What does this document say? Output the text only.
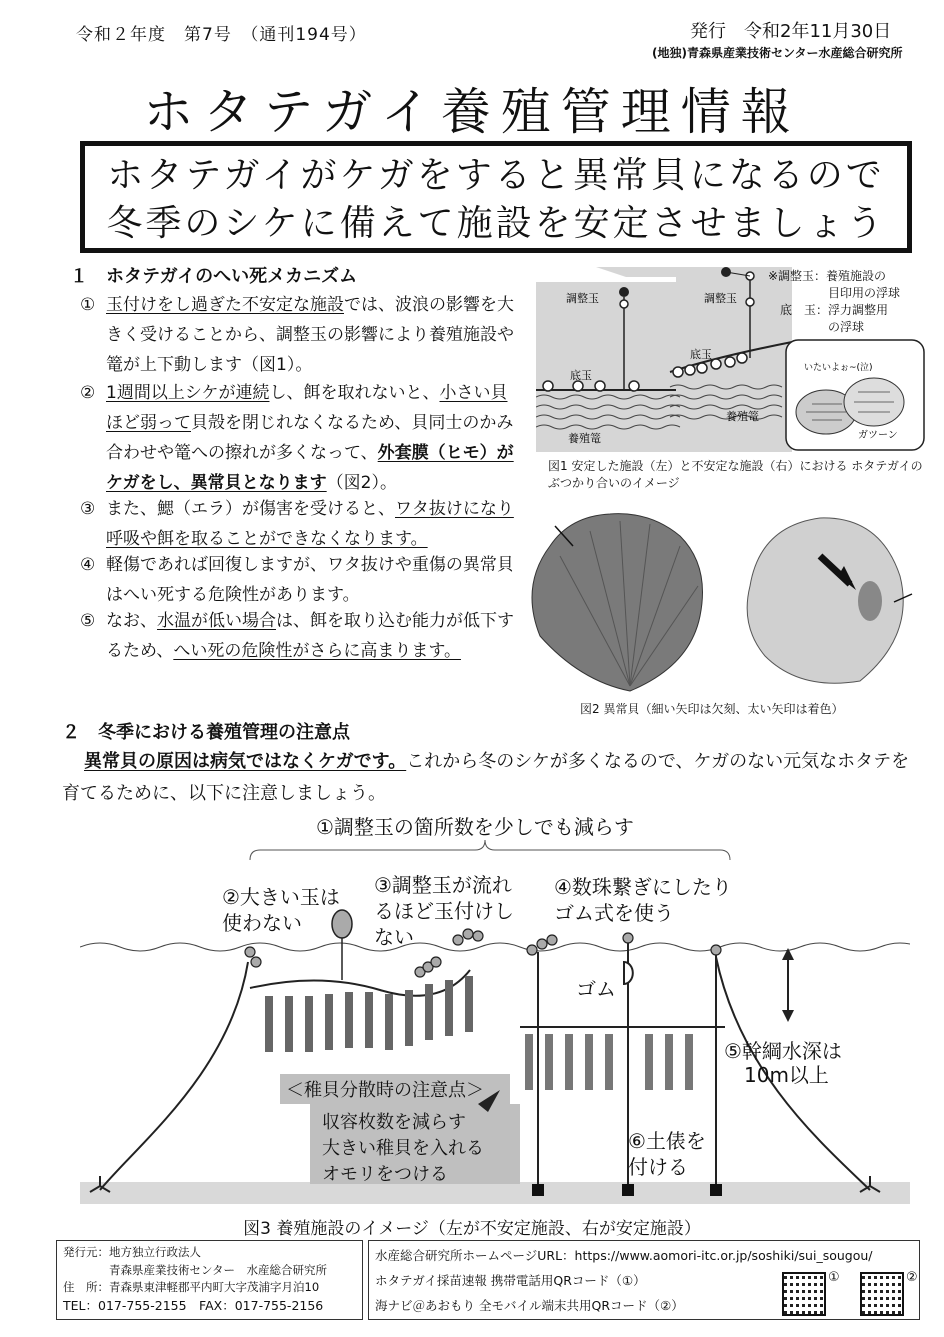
令和２年度　第7号　（通刊194号）	発行　令和2年11月30日
(地独)青森県産業技術センター水産総合研究所
ホタテガイ養殖管理情報
ホタテガイがケガをすると異常貝になるので
冬季のシケに備えて施設を安定させましょう
１　ホタテガイのへい死メカニズム
① 玉付けをし過ぎた不安定な施設では、波浪の影響を大きく受けることから、調整玉の影響により養殖施設や篭が上下動します（図1）。
② 1週間以上シケが連続し、餌を取れないと、小さい貝ほど弱って貝殻を閉じれなくなるため、貝同士のかみ合わせや篭への擦れが多くなって、外套膜（ヒモ）がケガをし、異常貝となります（図2）。
③ また、鰓（エラ）が傷害を受けると、ワタ抜けになり呼吸や餌を取ることができなくなります。
④ 軽傷であれば回復しますが、ワタ抜けや重傷の異常貝はへい死する危険性があります。
⑤ なお、水温が低い場合は、餌を取り込む能力が低下するため、へい死の危険性がさらに高まります。
調整玉	調整玉
底玉
底玉
養殖篭
養殖篭
いたいよぉ~(泣)
ガツーン
※調整玉：養殖施設の
　　　　　目印用の浮球
　底　玉：浮力調整用
　　　　　の浮球
図1 安定した施設（左）と不安定な施設（右）における ホタテガイのぶつかり合いのイメージ
図2 異常貝（細い矢印は欠刻、太い矢印は着色）
２　冬季における養殖管理の注意点
異常貝の原因は病気ではなくケガです。これから冬のシケが多くなるので、ケガのない元気なホタテを育てるために、以下に注意しましょう。
①調整玉の箇所数を少しでも減らす
②大きい玉は
使わない
③調整玉が流れ
るほど玉付けし
ない
④数珠繋ぎにしたり
ゴム式を使う
ゴム
⑤幹綱水深は
10m以上
⑥土俵を
付ける
＜稚貝分散時の注意点＞
収容枚数を減らす
大きい稚貝を入れる
オモリをつける
図3 養殖施設のイメージ（左が不安定施設、右が安定施設）
発行元：地方独立行政法人
　　　　青森県産業技術センター　水産総合研究所
住　所：青森県東津軽郡平内町大字茂浦字月泊10
TEL：017-755-2155　FAX：017-755-2156
水産総合研究所ホームページURL：https://www.aomori-itc.or.jp/soshiki/sui_sougou/
ホタテガイ採苗速報 携帯電話用QRコード（①）
海ナビ＠あおもり 全モバイル端末共用QRコード（②）
①	②
